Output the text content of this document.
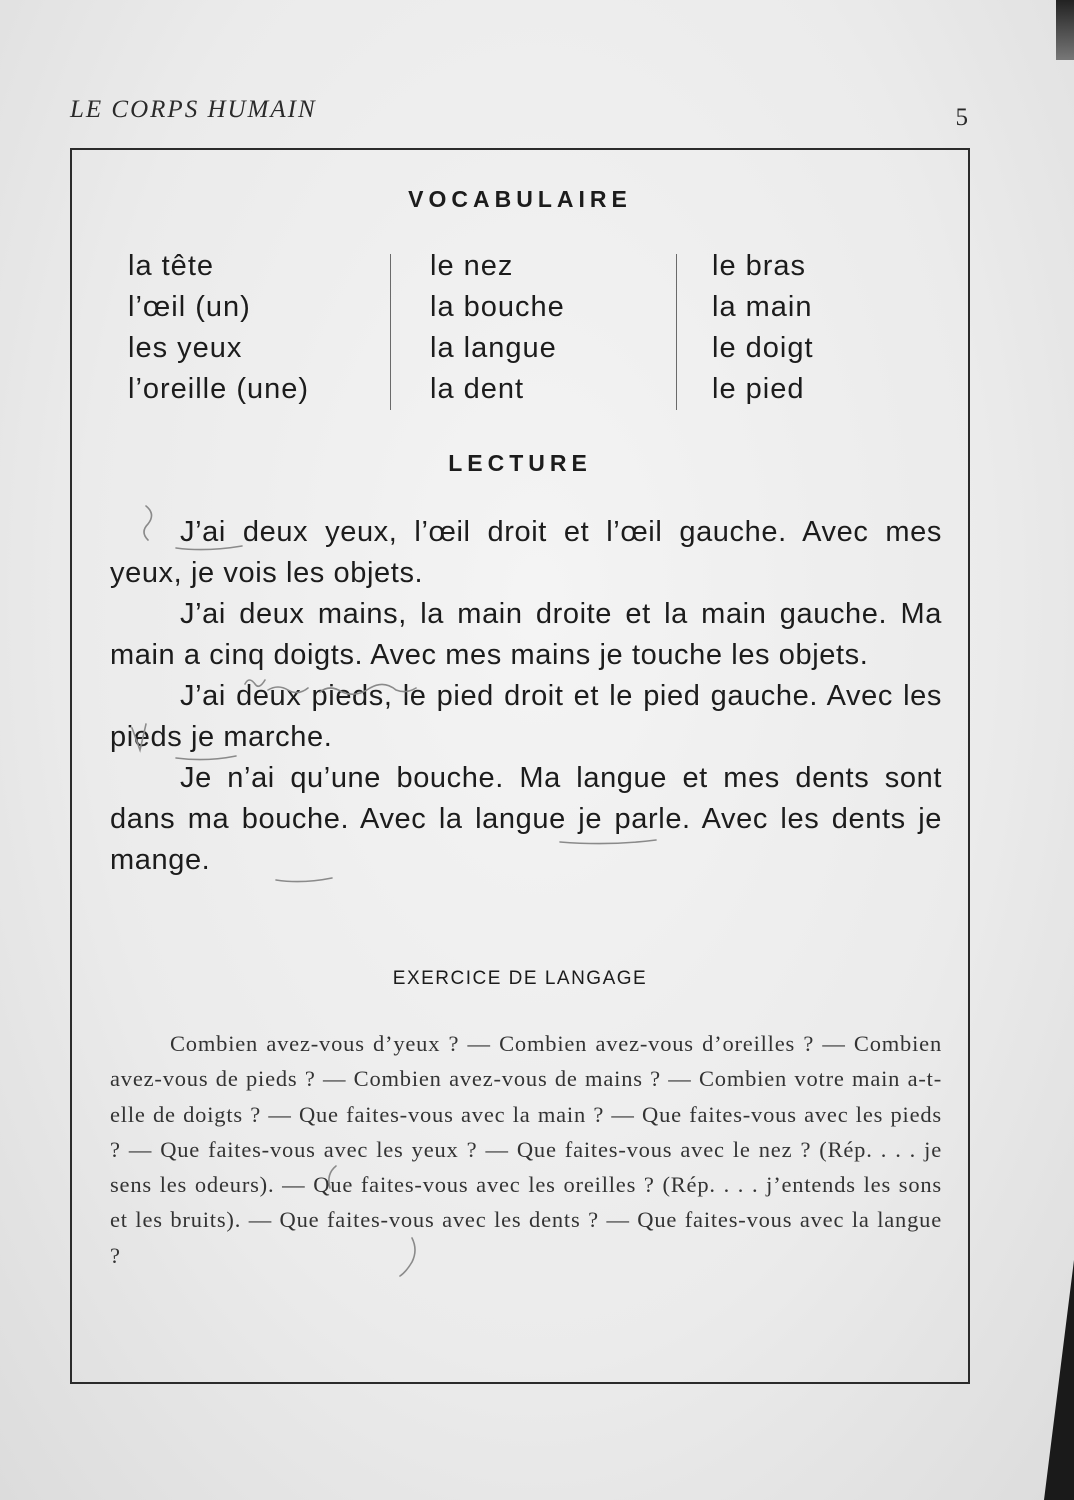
LE CORPS HUMAIN	5
VOCABULAIRE
la tête
l’œil (un)
les yeux
l’oreille (une)
le nez
la bouche
la langue
la dent
le bras
la main
le doigt
le pied
LECTURE

J’ai deux yeux, l’œil droit et l’œil gauche. Avec mes yeux, je vois les objets.

J’ai deux mains, la main droite et la main gauche. Ma main a cinq doigts. Avec mes mains je touche les objets.

J’ai deux pieds, le pied droit et le pied gauche. Avec les pieds je marche.

Je n’ai qu’une bouche. Ma langue et mes dents sont dans ma bouche. Avec la langue je parle. Avec les dents je mange.

EXERCICE DE LANGAGE
Combien avez-vous d’yeux ? — Combien avez-vous d’oreilles ? — Combien avez-vous de pieds ? — Combien avez-vous de mains ? — Combien votre main a-t-elle de doigts ? — Que faites-vous avec la main ? — Que faites-vous avec les pieds ? — Que faites-vous avec les yeux ? — Que faites-vous avec le nez ? (Rép. . . . je sens les odeurs). — Que faites-vous avec les oreilles ? (Rép. . . . j’entends les sons et les bruits). — Que faites-vous avec les dents ? — Que faites-vous avec la langue ?
